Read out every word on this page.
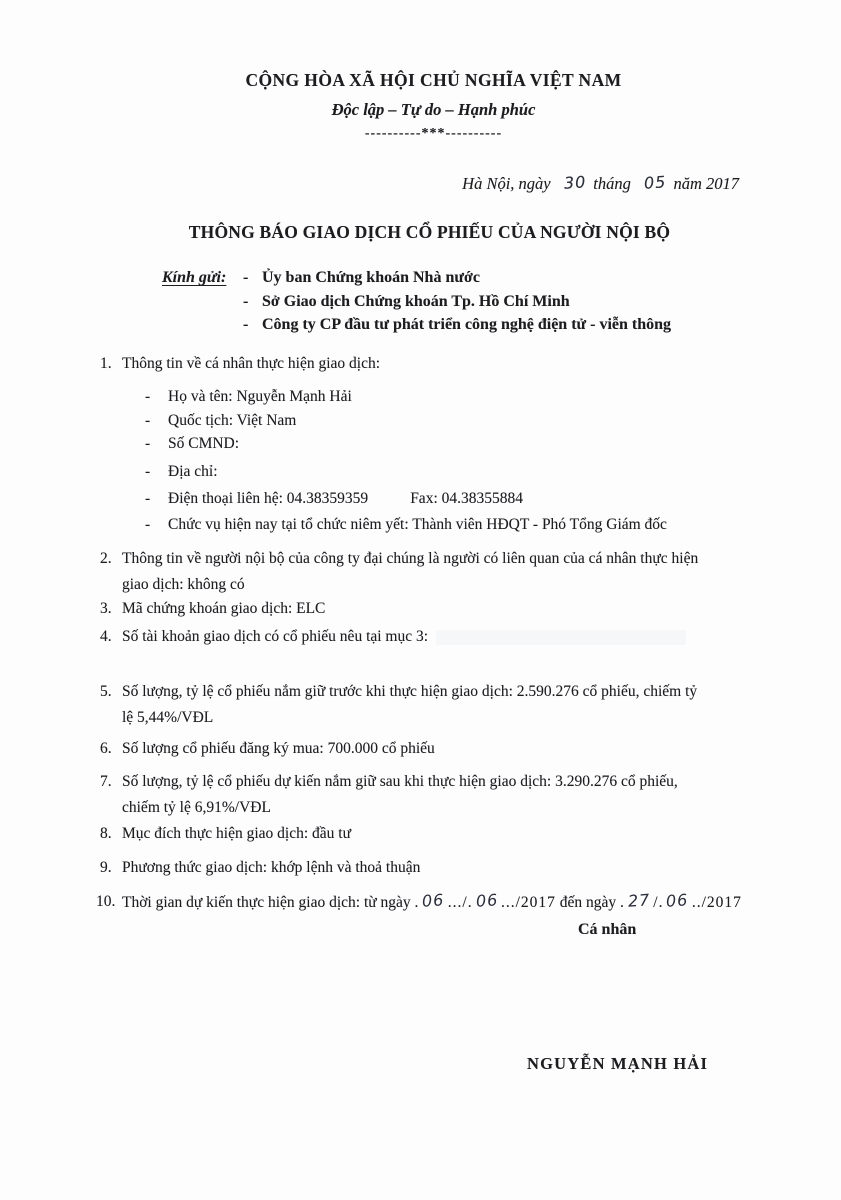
CỘNG HÒA XÃ HỘI CHỦ NGHĨA VIỆT NAM
Độc lập – Tự do – Hạnh phúc
----------***----------
Hà Nội, ngày 30 tháng 05 năm 2017
THÔNG BÁO GIAO DỊCH CỔ PHIẾU CỦA NGƯỜI NỘI BỘ
Kính gửi:	- Ủy ban Chứng khoán Nhà nước
- Sở Giao dịch Chứng khoán Tp. Hồ Chí Minh
- Công ty CP đầu tư phát triển công nghệ điện tử - viễn thông
1. Thông tin về cá nhân thực hiện giao dịch:
-	Họ và tên: Nguyễn Mạnh Hải
-	Quốc tịch: Việt Nam
-	Số CMND:
-	Địa chỉ:
-	Điện thoại liên hệ: 04.38359359	Fax: 04.38355884
-	Chức vụ hiện nay tại tổ chức niêm yết: Thành viên HĐQT - Phó Tổng Giám đốc
2. Thông tin về người nội bộ của công ty đại chúng là người có liên quan của cá nhân thực hiện
giao dịch: không có
3. Mã chứng khoán giao dịch: ELC
4. Số tài khoản giao dịch có cổ phiếu nêu tại mục 3:
5. Số lượng, tỷ lệ cổ phiếu nắm giữ trước khi thực hiện giao dịch: 2.590.276 cổ phiếu, chiếm tỷ
lệ 5,44%/VĐL
6. Số lượng cổ phiếu đăng ký mua: 700.000 cổ phiếu
7. Số lượng, tỷ lệ cổ phiếu dự kiến nắm giữ sau khi thực hiện giao dịch: 3.290.276 cổ phiếu,
chiếm tỷ lệ 6,91%/VĐL
8. Mục đích thực hiện giao dịch: đầu tư
9. Phương thức giao dịch: khớp lệnh và thoả thuận
10. Thời gian dự kiến thực hiện giao dịch: từ ngày . 06 .../. 06 .../2017 đến ngày . 27 /. 06 ../2017
Cá nhân
NGUYỄN MẠNH HẢI
